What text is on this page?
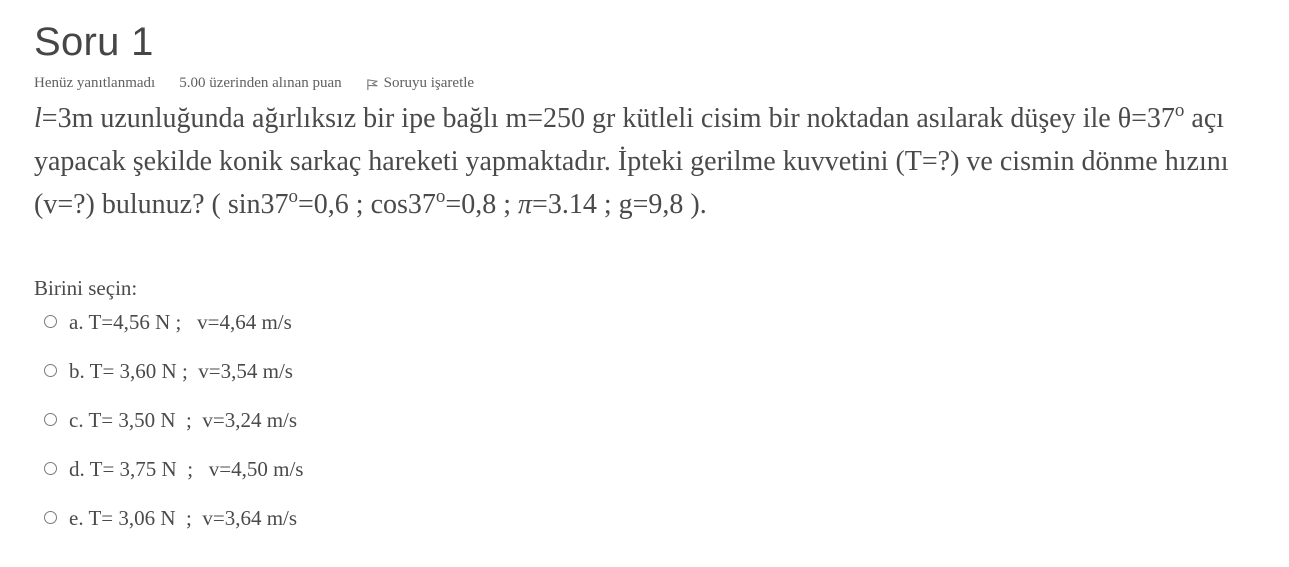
Soru 1
Henüz yanıtlanmadı 5.00 üzerinden alınan puan	Soruyu işaretle
l=3m uzunluğunda ağırlıksız bir ipe bağlı m=250 gr kütleli cisim bir noktadan asılarak düşey ile $\theta=37^o$ açı yapacak şekilde konik sarkaç hareketi yapmaktadır. İpteki gerilme kuvvetini (T=?) ve cismin dönme hızını (v=?) bulunuz? ( $\sin 37^o=0,6$ ; $\cos 37^o=0,8$ ; π=3.14 ; g=9,8 ).
Birini seçin:
a. T=4,56 N ;   v=4,64 m/s
b. T= 3,60 N ;  v=3,54 m/s
c. T= 3,50 N  ;  v=3,24 m/s
d. T= 3,75 N  ;   v=4,50 m/s
e. T= 3,06 N  ;  v=3,64 m/s
